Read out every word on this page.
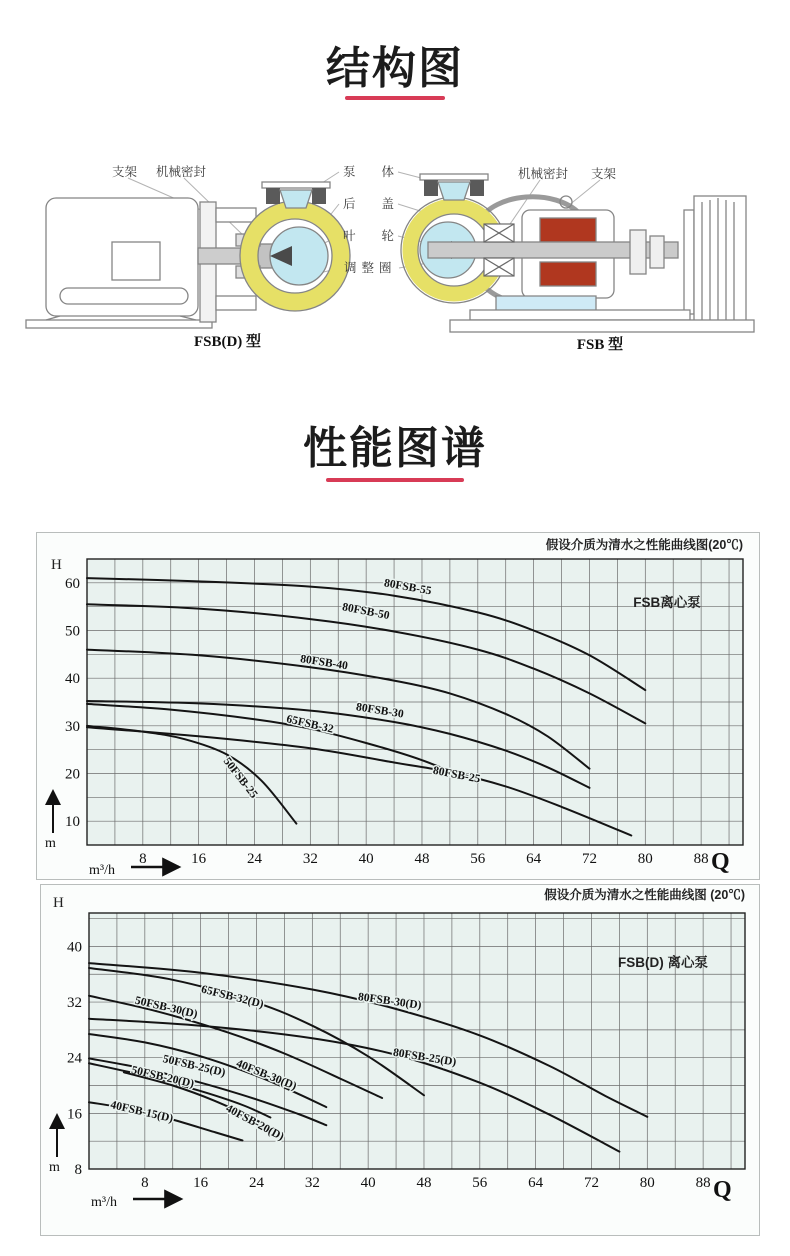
结构图
支架 机械密封	泵体
后盖
叶轮
调整圈
机械密封 支架
FSB(D) 型	FSB 型
性能图谱
10
20
30
40
50
60
8	16	24	32	40	48	56	64	72	80	88
80FSB-55
80FSB-50
80FSB-40
80FSB-30
65FSB-32
50FSB-25	80FSB-25
假设介质为清水之性能曲线图(20℃)
FSB离心泵
H
m
m³/h	Q
8
16
24
32
40
8	16	24	32	40	48	56	64	72	80	88
80FSB-30(D)
65FSB-32(D)
50FSB-30(D)
80FSB-25(D)
40FSB-30(D)
50FSB-25(D)
50FSB-20(D)
40FSB-20(D)
40FSB-15(D)
假设介质为清水之性能曲线图 (20℃)
FSB(D) 离心泵
H
m
m³/h	Q
